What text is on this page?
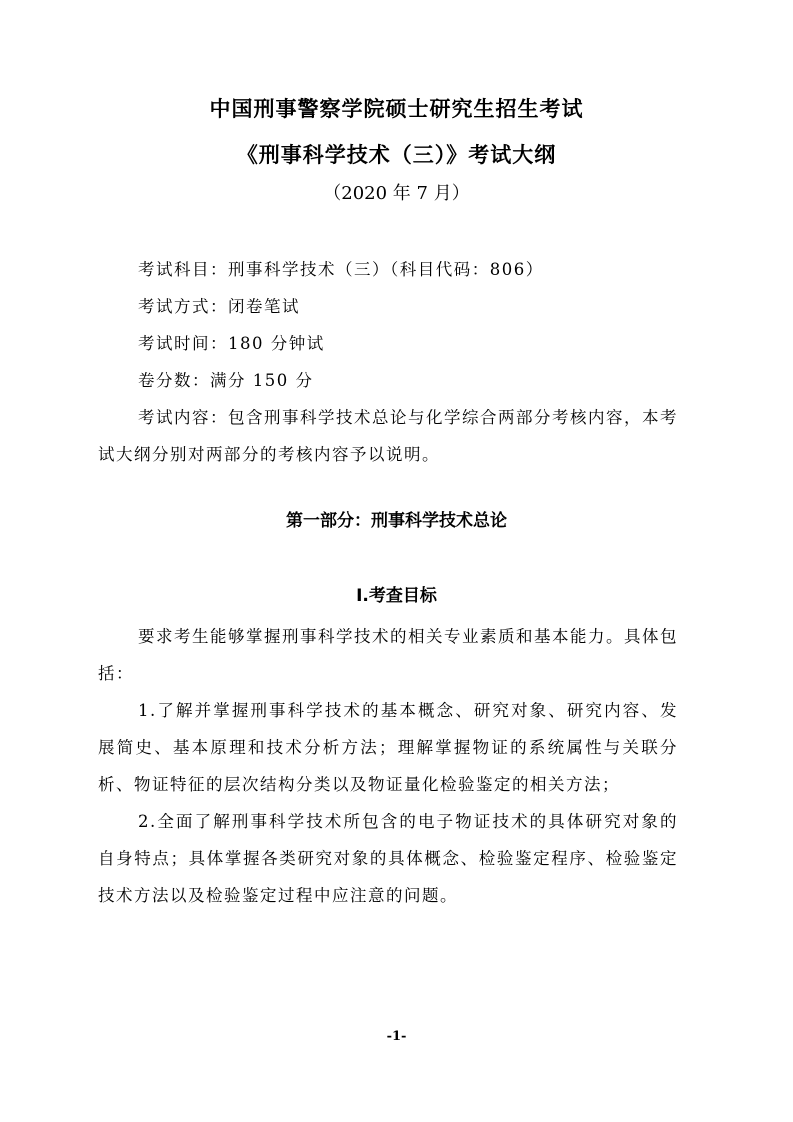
中国刑事警察学院硕士研究生招生考试
《刑事科学技术（三）》考试大纲
（2020 年 7 月）
考试科目：刑事科学技术（三）（科目代码：806）
考试方式：闭卷笔试
考试时间：180 分钟试
卷分数：满分 150 分

考试内容：包含刑事科学技术总论与化学综合两部分考核内容，本考试大纲分别对两部分的考核内容予以说明。

第一部分：刑事科学技术总论
Ⅰ.考查目标

要求考生能够掌握刑事科学技术的相关专业素质和基本能力。具体包括：

1.了解并掌握刑事科学技术的基本概念、研究对象、研究内容、发展简史、基本原理和技术分析方法；理解掌握物证的系统属性与关联分析、物证特征的层次结构分类以及物证量化检验鉴定的相关方法；

2.全面了解刑事科学技术所包含的电子物证技术的具体研究对象的自身特点；具体掌握各类研究对象的具体概念、检验鉴定程序、检验鉴定技术方法以及检验鉴定过程中应注意的问题。

-1-
